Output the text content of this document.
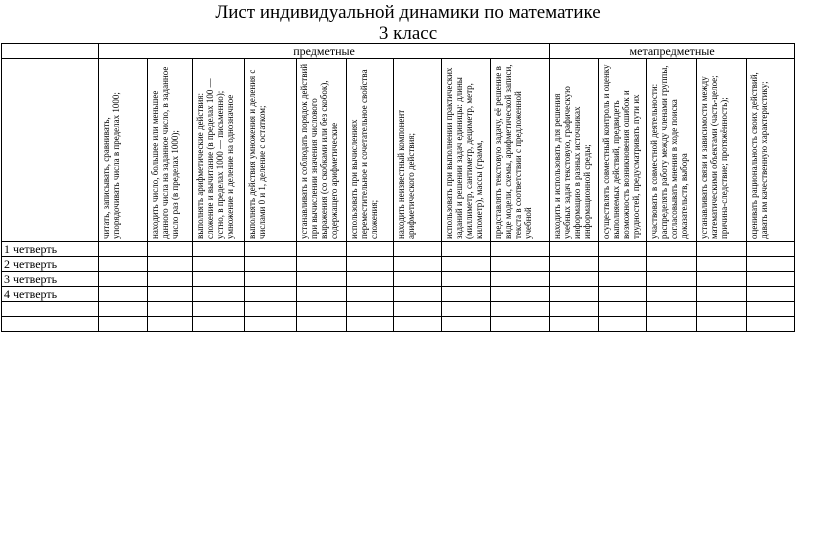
Лист индивидуальной динамики по математике
3 класс
	предметные									метапредметные				

	читать, записывать, сравнивать, упорядочивать числа в пределах 1000;	находить число, большее или меньшее данного числа на заданное число, в заданное число раз (в пределах 1000);	выполнять арифметические действия: сложение и вычитание (в пределах 100 — устно, в пределах 1000 — письменно); умножение и деление на однозначное	выполнять действия умножения и деления с числами 0 и 1, деление с остатком;	устанавливать и соблюдать порядок действий при вычислении значения числового выражения (со скобками или без скобок), содержащего арифметические	использовать при вычислениях переместительное и сочетательное свойства сложения;	находить неизвестный компонент арифметического действия;	использовать при выполнении практических заданий и решении задач единицы: длины (миллиметр, сантиметр, дециметр, метр, километр), массы (грамм,	представлять текстовую задачу, её решение в виде модели, схемы, арифметической записи, текста в соответствии с предложенной учебной	находить и использовать для решения учебных задач текстовую, графическую информацию в разных источниках информационной среды;	осуществлять совместный контроль и оценку выполняемых действий, предвидеть возможность возникновения ошибок и трудностей, предусматривать пути их	участвовать в совместной деятельности: распределять работу между членами группы, согласовывать мнения в ходе поиска доказательств, выбора	устанавливать связи и зависимости между математическими объектами (часть-целое; причина-следствие; протяжённость);	оценивать рациональность своих действий, давать им качественную характеристику;

1 четверть														
2 четверть														
3 четверть														
4 четверть														
